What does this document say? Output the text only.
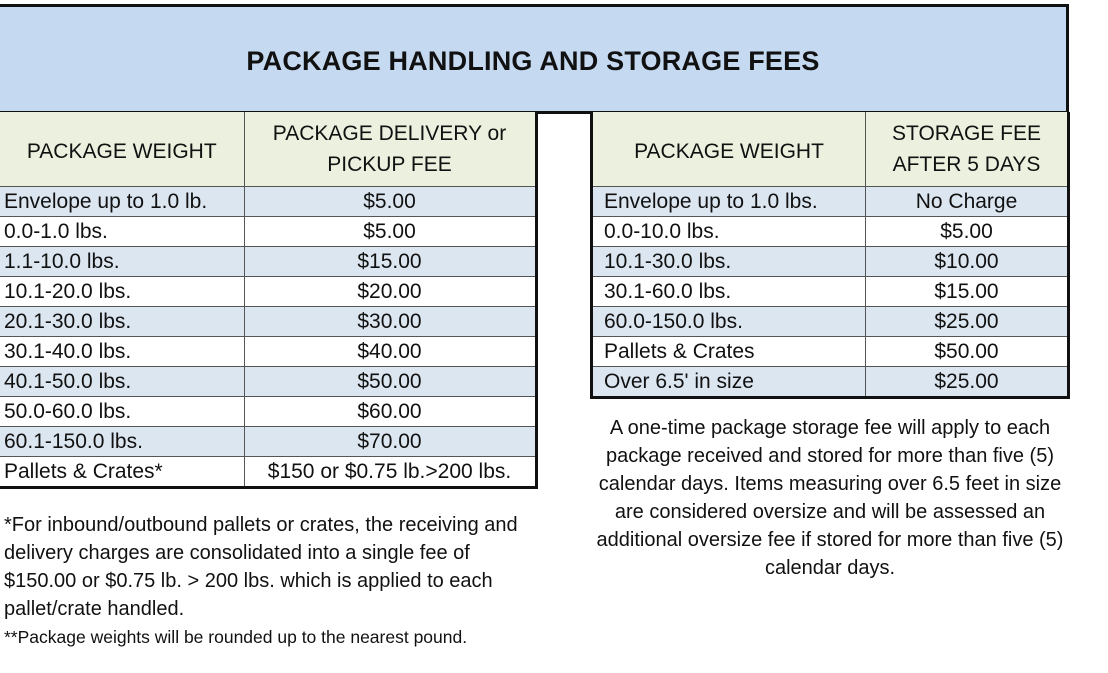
PACKAGE HANDLING AND STORAGE FEES
PACKAGE WEIGHT	PACKAGE DELIVERY or PICKUP FEE
Envelope up to 1.0 lb.	$5.00
0.0-1.0 lbs.	$5.00
1.1-10.0 lbs.	$15.00
10.1-20.0 lbs.	$20.00
20.1-30.0 lbs.	$30.00
30.1-40.0 lbs.	$40.00
40.1-50.0 lbs.	$50.00
50.0-60.0 lbs.	$60.00
60.1-150.0 lbs.	$70.00
Pallets & Crates*	$150 or $0.75 lb.>200 lbs.
PACKAGE WEIGHT	STORAGE FEE AFTER 5 DAYS
Envelope up to 1.0 lbs.	No Charge
0.0-10.0 lbs.	$5.00
10.1-30.0 lbs.	$10.00
30.1-60.0 lbs.	$15.00
60.0-150.0 lbs.	$25.00
Pallets & Crates	$50.00
Over 6.5' in size	$25.00
*For inbound/outbound pallets or crates, the receiving and delivery charges are consolidated into a single fee of $150.00 or $0.75 lb. > 200 lbs. which is applied to each pallet/crate handled.
**Package weights will be rounded up to the nearest pound.
A one-time package storage fee will apply to each package received and stored for more than five (5) calendar days. Items measuring over 6.5 feet in size are considered oversize and will be assessed an additional oversize fee if stored for more than five (5) calendar days.
